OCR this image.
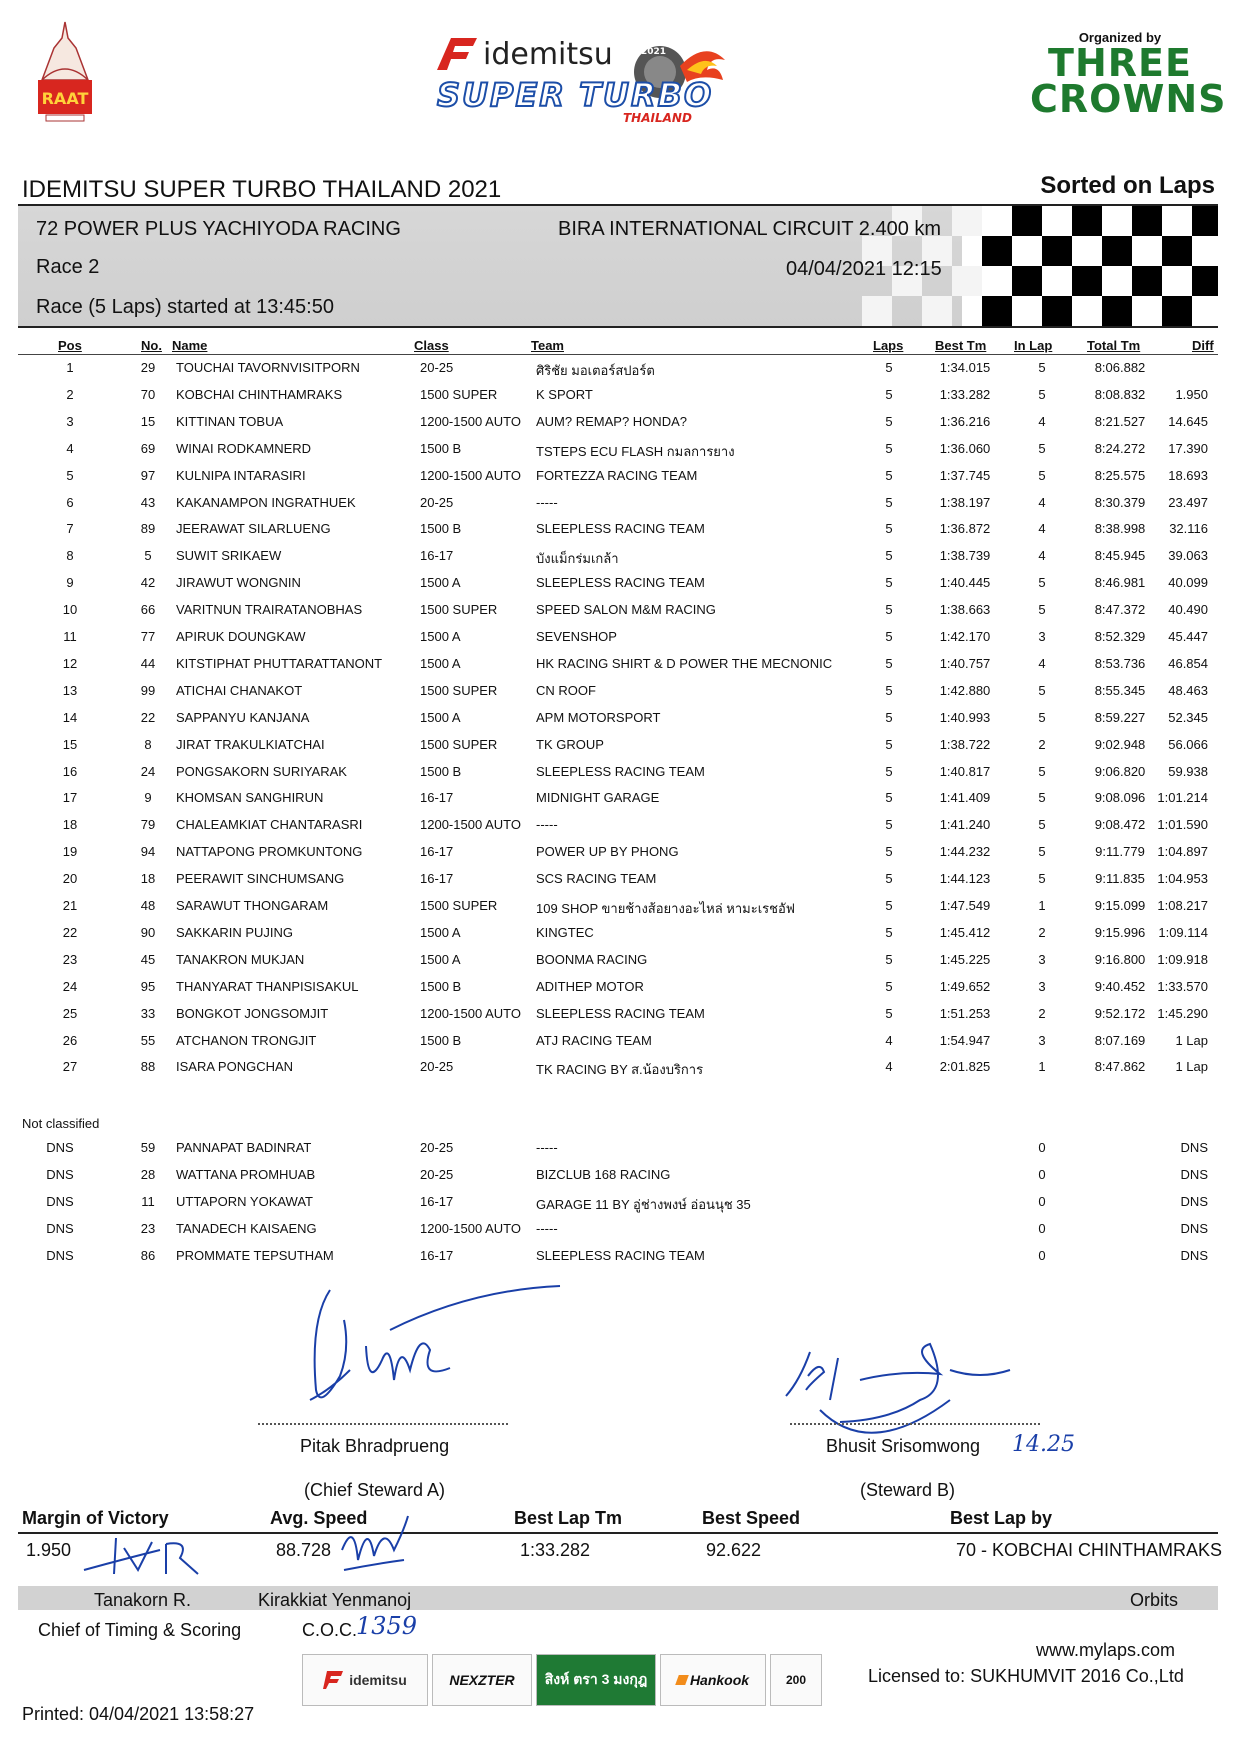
RAAT
idemitsu	2021
SUPER TURBO
THAILAND
Organized by
THREE
CROWNS
IDEMITSU SUPER TURBO THAILAND 2021	Sorted on Laps
72 POWER PLUS YACHIYODA RACING
Race 2
Race (5 Laps) started at 13:45:50
BIRA INTERNATIONAL CIRCUIT 2.400 km
04/04/2021 12:15
Pos	No. Name	Class	Team	Laps Best Tm In Lap	Total Tm	Diff
1	29	TOUCHAI TAVORNVISITPORN	20-25	ศิริชัย มอเตอร์สปอร์ต	5	1:34.015	5	8:06.882
2	70	KOBCHAI CHINTHAMRAKS	1500 SUPER	K SPORT	5	1:33.282	5	8:08.832	1.950
3	15	KITTINAN TOBUA	1200-1500 AUTO AUM? REMAP? HONDA?	5	1:36.216	4	8:21.527	14.645
4	69	WINAI RODKAMNERD	1500 B	TSTEPS ECU FLASH กมลการยาง	5	1:36.060	5	8:24.272	17.390
5	97	KULNIPA INTARASIRI	1200-1500 AUTO FORTEZZA RACING TEAM	5	1:37.745	5	8:25.575	18.693
6	43	KAKANAMPON INGRATHUEK	20-25	-----	5	1:38.197	4	8:30.379	23.497
7	89	JEERAWAT SILARLUENG	1500 B	SLEEPLESS RACING TEAM	5	1:36.872	4	8:38.998	32.116
8	5	SUWIT SRIKAEW	16-17	บังแม็กร่มเกล้า	5	1:38.739	4	8:45.945	39.063
9	42	JIRAWUT WONGNIN	1500 A	SLEEPLESS RACING TEAM	5	1:40.445	5	8:46.981	40.099
10	66	VARITNUN TRAIRATANOBHAS	1500 SUPER	SPEED SALON M&M RACING	5	1:38.663	5	8:47.372	40.490
11	77	APIRUK DOUNGKAW	1500 A	SEVENSHOP	5	1:42.170	3	8:52.329	45.447
12	44	KITSTIPHAT PHUTTARATTANONT	1500 A	HK RACING SHIRT & D POWER THE MECNONIC	5	1:40.757	4	8:53.736	46.854
13	99	ATICHAI CHANAKOT	1500 SUPER	CN ROOF	5	1:42.880	5	8:55.345	48.463
14	22	SAPPANYU KANJANA	1500 A	APM MOTORSPORT	5	1:40.993	5	8:59.227	52.345
15	8	JIRAT TRAKULKIATCHAI	1500 SUPER	TK GROUP	5	1:38.722	2	9:02.948	56.066
16	24	PONGSAKORN SURIYARAK	1500 B	SLEEPLESS RACING TEAM	5	1:40.817	5	9:06.820	59.938
17	9	KHOMSAN SANGHIRUN	16-17	MIDNIGHT GARAGE	5	1:41.409	5	9:08.096 1:01.214
18	79	CHALEAMKIAT CHANTARASRI	1200-1500 AUTO -----	5	1:41.240	5	9:08.472 1:01.590
19	94	NATTAPONG PROMKUNTONG	16-17	POWER UP BY PHONG	5	1:44.232	5	9:11.779 1:04.897
20	18	PEERAWIT SINCHUMSANG	16-17	SCS RACING TEAM	5	1:44.123	5	9:11.835 1:04.953
21	48	SARAWUT THONGARAM	1500 SUPER	109 SHOP ขายช้างส้อยางอะไหล่ หามะเรชอัฟ	5	1:47.549	1	9:15.099 1:08.217
22	90	SAKKARIN PUJING	1500 A	KINGTEC	5	1:45.412	2	9:15.996	1:09.114
23	45	TANAKRON MUKJAN	1500 A	BOONMA RACING	5	1:45.225	3	9:16.800 1:09.918
24	95	THANYARAT THANPISISAKUL	1500 B	ADITHEP MOTOR	5	1:49.652	3	9:40.452 1:33.570
25	33	BONGKOT JONGSOMJIT	1200-1500 AUTO SLEEPLESS RACING TEAM	5	1:51.253	2	9:52.172 1:45.290
26	55	ATCHANON TRONGJIT	1500 B	ATJ RACING TEAM	4	1:54.947	3	8:07.169	1 Lap
27	88	ISARA PONGCHAN	20-25	TK RACING BY ส.น้องบริการ	4	2:01.825	1	8:47.862	1 Lap
Not classified
DNS	59	PANNAPAT BADINRAT	20-25	-----	0	DNS
DNS	28	WATTANA PROMHUAB	20-25	BIZCLUB 168 RACING	0	DNS
DNS	11	UTTAPORN YOKAWAT	16-17	GARAGE 11 BY อู่ช่างพงษ์ อ่อนนุช 35	0	DNS
DNS	23	TANADECH KAISAENG	1200-1500 AUTO -----	0	DNS
DNS	86	PROMMATE TEPSUTHAM	16-17	SLEEPLESS RACING TEAM	0	DNS
Pitak Bhradprueng
(Chief Steward A)
Bhusit Srisomwong
(Steward B)
14.25
Margin of Victory	Avg. Speed	Best Lap Tm	Best Speed	Best Lap by
1.950	88.728	1:33.282	92.622	70 - KOBCHAI CHINTHAMRAKS
Tanakorn R.	Kirakkiat Yenmanoj	Orbits
Chief of Timing & Scoring	C.O.C.
1359
idemitsu	NEXZTER	สิงห์ ตรา 3 มงกุฎ	Hankook	200
www.mylaps.com
Licensed to: SUKHUMVIT 2016 Co.,Ltd
Printed: 04/04/2021 13:58:27
